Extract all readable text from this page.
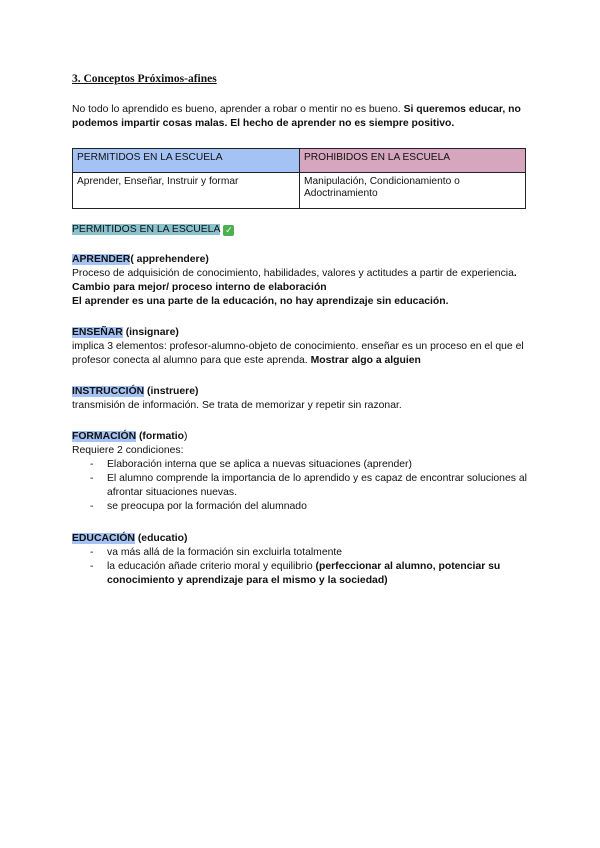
3. Conceptos Próximos-afines
No todo lo aprendido es bueno, aprender a robar o mentir no es bueno. Si queremos educar, no podemos impartir cosas malas. El hecho de aprender no es siempre positivo.
PERMITIDOS EN LA ESCUELA	PROHIBIDOS EN LA ESCUELA
Aprender, Enseñar, Instruir y formar	Manipulación, Condicionamiento o Adoctrinamiento
PERMITIDOS EN LA ESCUELA ✓
APRENDER( apprehendere)
Proceso de adquisición de conocimiento, habilidades, valores y actitudes a partir de experiencia. Cambio para mejor/ proceso interno de elaboración
El aprender es una parte de la educación, no hay aprendizaje sin educación.
ENSEÑAR (insignare)
implica 3 elementos: profesor-alumno-objeto de conocimiento. enseñar es un proceso en el que el profesor conecta al alumno para que este aprenda. Mostrar algo a alguien
INSTRUCCIÓN (instruere)
transmisión de información. Se trata de memorizar y repetir sin razonar.
FORMACIÓN (formatio)
Requiere 2 condiciones:
- Elaboración interna que se aplica a nuevas situaciones (aprender)
- El alumno comprende la importancia de lo aprendido y es capaz de encontrar soluciones al afrontar situaciones nuevas.
- se preocupa por la formación del alumnado
EDUCACIÓN (educatio)
- va más allá de la formación sin excluirla totalmente
- la educación añade criterio moral y equilibrio (perfeccionar al alumno, potenciar su conocimiento y aprendizaje para el mismo y la sociedad)
